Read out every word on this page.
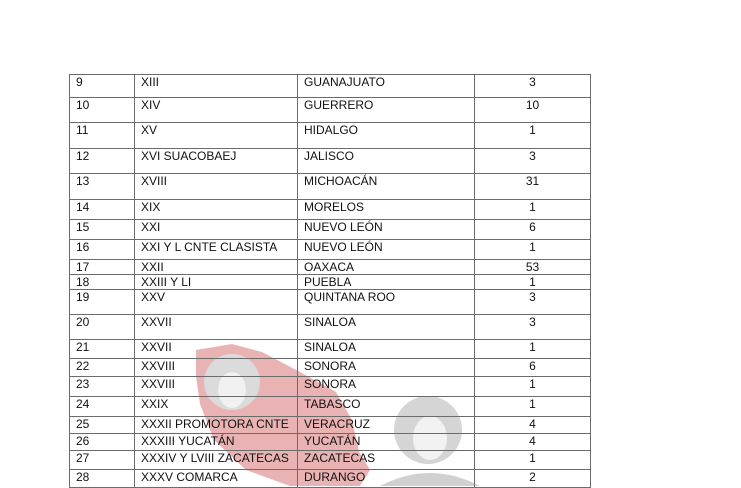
9	XIII	GUANAJUATO	3
10	XIV	GUERRERO	10
11	XV	HIDALGO	1
12	XVI SUACOBAEJ	JALISCO	3
13	XVIII	MICHOACÁN	31
14	XIX	MORELOS	1
15	XXI	NUEVO LEÓN	6
16	XXI Y L CNTE CLASISTA	NUEVO LEÓN	1
17	XXII	OAXACA	53
18	XXIII Y LI	PUEBLA	1
19	XXV	QUINTANA ROO	3
20	XXVII	SINALOA	3
21	XXVII	SINALOA	1
22	XXVIII	SONORA	6
23	XXVIII	SONORA	1
24	XXIX	TABASCO	1
25	XXXII PROMOTORA CNTE	VERACRUZ	4
26	XXXIII YUCATÁN	YUCATÁN	4
27	XXXIV Y LVIII ZACATECAS	ZACATECAS	1
28	XXXV COMARCA	DURANGO	2
